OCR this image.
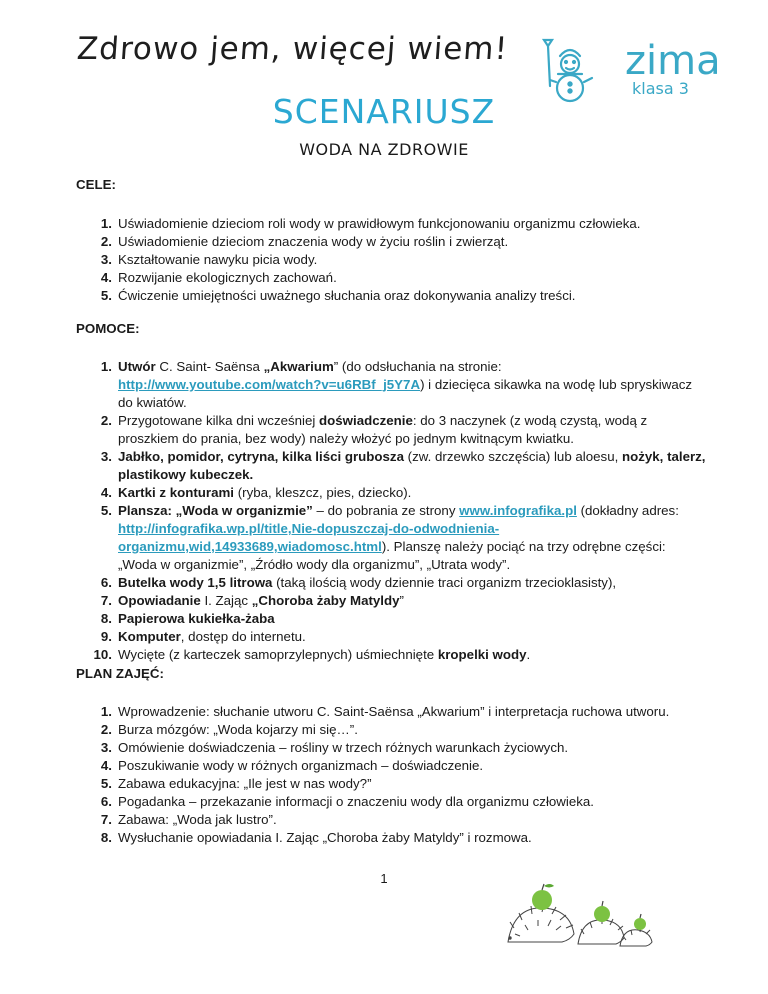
Zdrowo jem, więcej wiem!	zima
klasa 3
SCENARIUSZ
WODA NA ZDROWIE
CELE:
1. Uświadomienie dzieciom roli wody w prawidłowym funkcjonowaniu organizmu człowieka.
2. Uświadomienie dzieciom znaczenia wody w życiu roślin i zwierząt.
3. Kształtowanie nawyku picia wody.
4. Rozwijanie ekologicznych zachowań.
5. Ćwiczenie umiejętności uważnego słuchania oraz dokonywania analizy treści.
POMOCE:
1. Utwór C. Saint- Saënsa „Akwarium” (do odsłuchania na stronie: http://www.youtube.com/watch?v=u6RBf_j5Y7A) i dziecięca sikawka na wodę lub spryskiwacz do kwiatów.
2. Przygotowane kilka dni wcześniej doświadczenie: do 3 naczynek (z wodą czystą, wodą z proszkiem do prania, bez wody) należy włożyć po jednym kwitnącym kwiatku.
3. Jabłko, pomidor, cytryna, kilka liści grubosza (zw. drzewko szczęścia) lub aloesu, nożyk, talerz, plastikowy kubeczek.
4. Kartki z konturami (ryba, kleszcz, pies, dziecko).
5. Plansza: „Woda w organizmie” – do pobrania ze strony www.infografika.pl (dokładny adres: http://infografika.wp.pl/title,Nie-dopuszczaj-do-odwodnienia-organizmu,wid,14933689,wiadomosc.html). Planszę należy pociąć na trzy odrębne części: „Woda w organizmie”, „Źródło wody dla organizmu”, „Utrata wody”.
6. Butelka wody 1,5 litrowa (taką ilością wody dziennie traci organizm trzecioklasisty),
7. Opowiadanie I. Zając „Choroba żaby Matyldy”
8. Papierowa kukiełka-żaba
9. Komputer, dostęp do internetu.
10. Wycięte (z karteczek samoprzylepnych) uśmiechnięte kropelki wody.
PLAN ZAJĘĆ:
1. Wprowadzenie: słuchanie utworu C. Saint-Saënsa „Akwarium” i interpretacja ruchowa utworu.
2. Burza mózgów: „Woda kojarzy mi się…”.
3. Omówienie doświadczenia – rośliny w trzech różnych warunkach życiowych.
4. Poszukiwanie wody w różnych organizmach – doświadczenie.
5. Zabawa edukacyjna: „Ile jest w nas wody?”
6. Pogadanka – przekazanie informacji o znaczeniu wody dla organizmu człowieka.
7. Zabawa: „Woda jak lustro”.
8. Wysłuchanie opowiadania I. Zając „Choroba żaby Matyldy” i rozmowa.
1
